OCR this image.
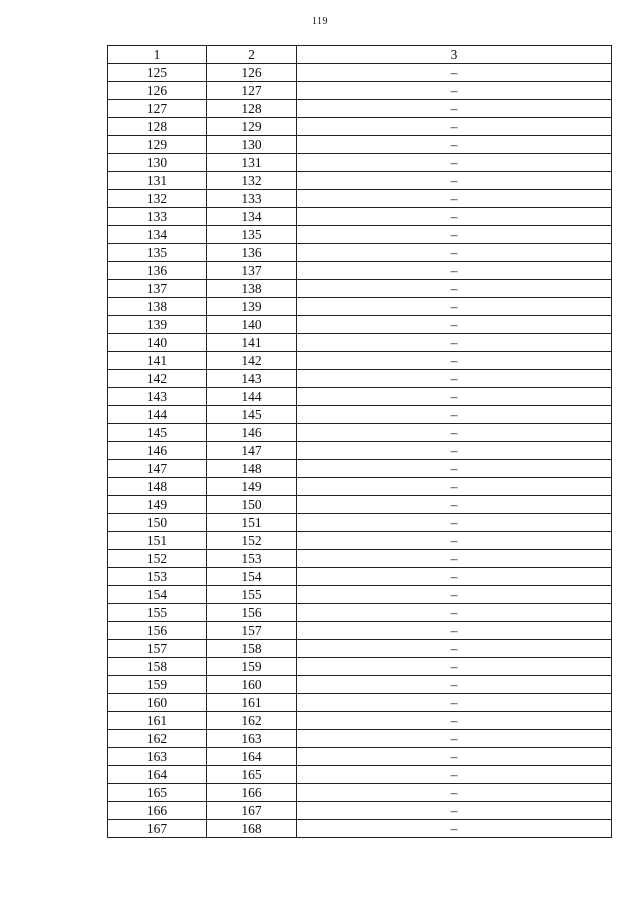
119
1	2	3
125	126	–
126	127	–
127	128	–
128	129	–
129	130	–
130	131	–
131	132	–
132	133	–
133	134	–
134	135	–
135	136	–
136	137	–
137	138	–
138	139	–
139	140	–
140	141	–
141	142	–
142	143	–
143	144	–
144	145	–
145	146	–
146	147	–
147	148	–
148	149	–
149	150	–
150	151	–
151	152	–
152	153	–
153	154	–
154	155	–
155	156	–
156	157	–
157	158	–
158	159	–
159	160	–
160	161	–
161	162	–
162	163	–
163	164	–
164	165	–
165	166	–
166	167	–
167	168	–
